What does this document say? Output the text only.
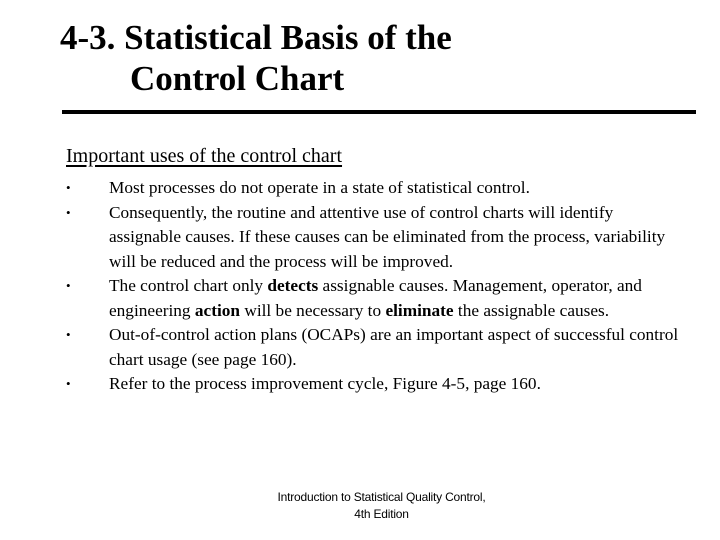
4-3. Statistical Basis of the
Control Chart
Important uses of the control chart
•	Most processes do not operate in a state of statistical control.
•	Consequently, the routine and attentive use of control charts will identify assignable causes. If these causes can be eliminated from the process, variability will be reduced and the process will be improved.
•	The control chart only detects assignable causes. Management, operator, and engineering action will be necessary to eliminate the assignable causes.
•	Out-of-control action plans (OCAPs) are an important aspect of successful control chart usage (see page 160).
•	Refer to the process improvement cycle, Figure 4-5, page 160.
Introduction to Statistical Quality Control,
4th Edition
